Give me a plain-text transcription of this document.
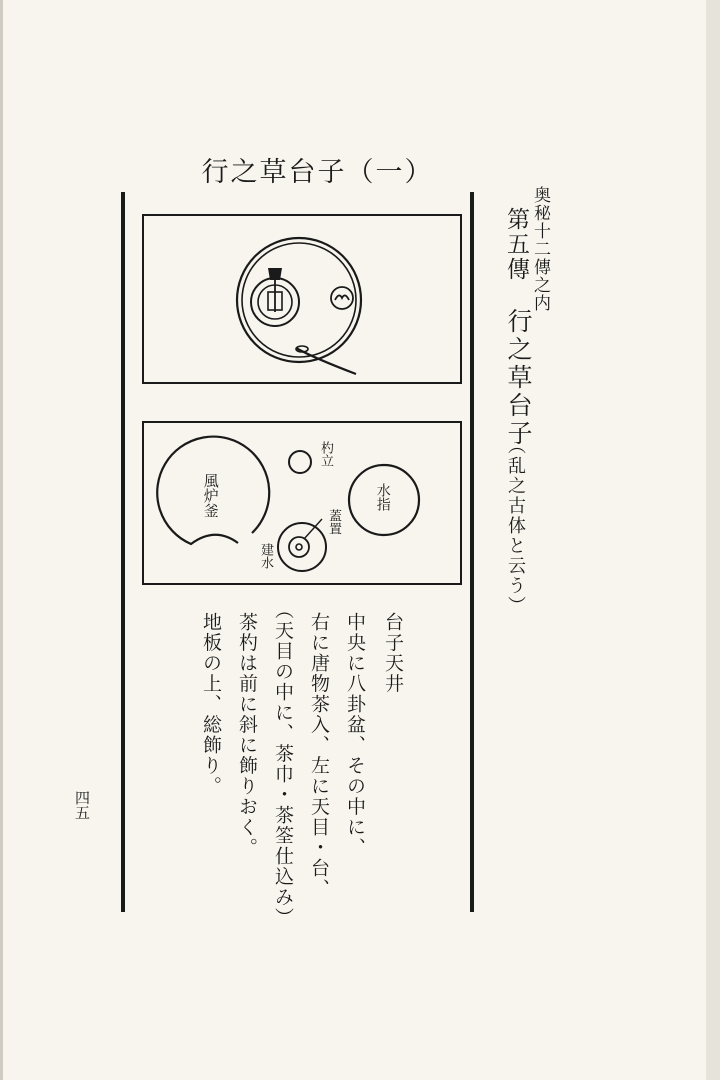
行之草台子（一）
風炉釜
杓立
水指
蓋置
建水
奥秘十二傳之内
第五傳
行之草台子
（乱之古体と云う）
台子天井
中央に八卦盆、その中に、
右に唐物茶入、左に天目・台、
（天目の中に、茶巾・茶筌仕込み）
茶杓は前に斜に飾りおく。
地板の上、総飾り。
四五
